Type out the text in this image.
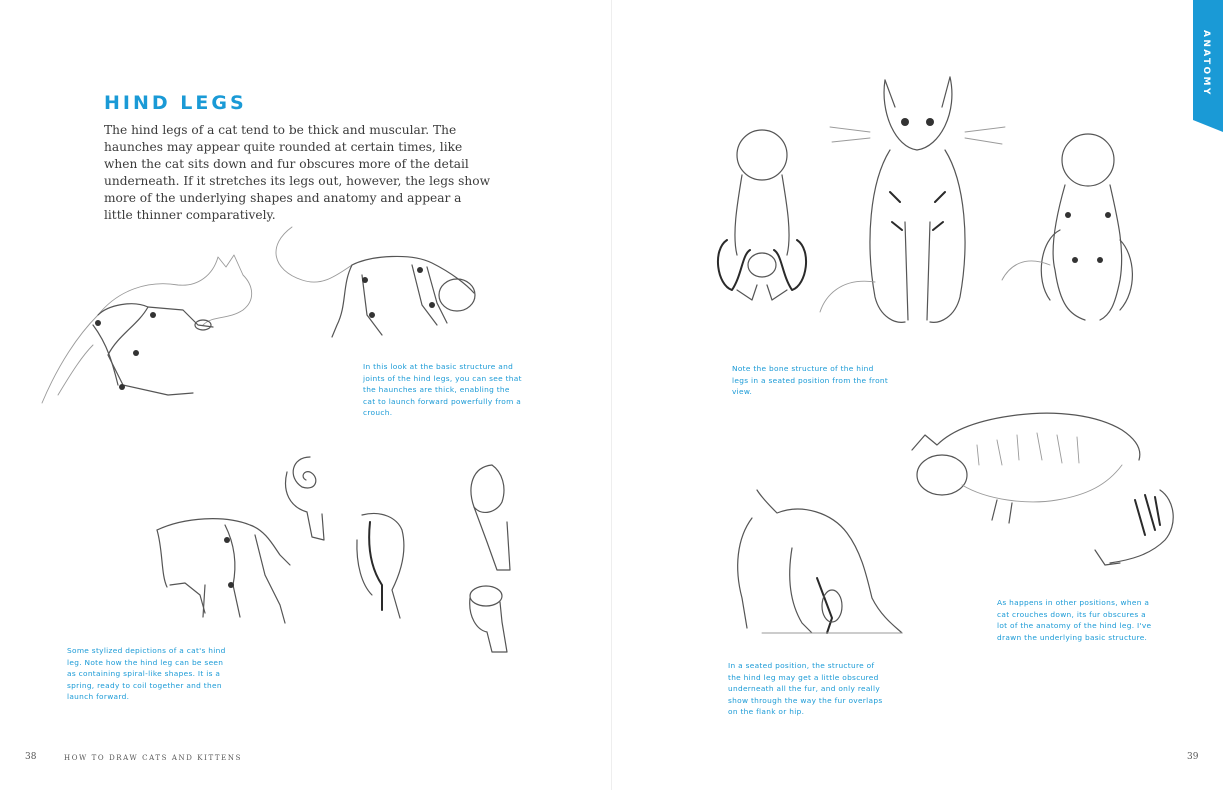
HIND LEGS
The hind legs of a cat tend to be thick and muscular. The haunches may appear quite rounded at certain times, like when the cat sits down and fur obscures more of the detail underneath. If it stretches its legs out, however, the legs show more of the underlying shapes and anatomy and appear a little thinner comparatively.
In this look at the basic structure and joints of the hind legs, you can see that the haunches are thick, enabling the cat to launch forward powerfully from a crouch.
Some stylized depictions of a cat's hind leg. Note how the hind leg can be seen as containing spiral-like shapes. It is a spring, ready to coil together and then launch forward.
38	HOW TO DRAW CATS AND KITTENS
ANATOMY
Note the bone structure of the hind legs in a seated position from the front view.
As happens in other positions, when a cat crouches down, its fur obscures a lot of the anatomy of the hind leg. I've drawn the underlying basic structure.
In a seated position, the structure of the hind leg may get a little obscured underneath all the fur, and only really show through the way the fur overlaps on the flank or hip.
39
